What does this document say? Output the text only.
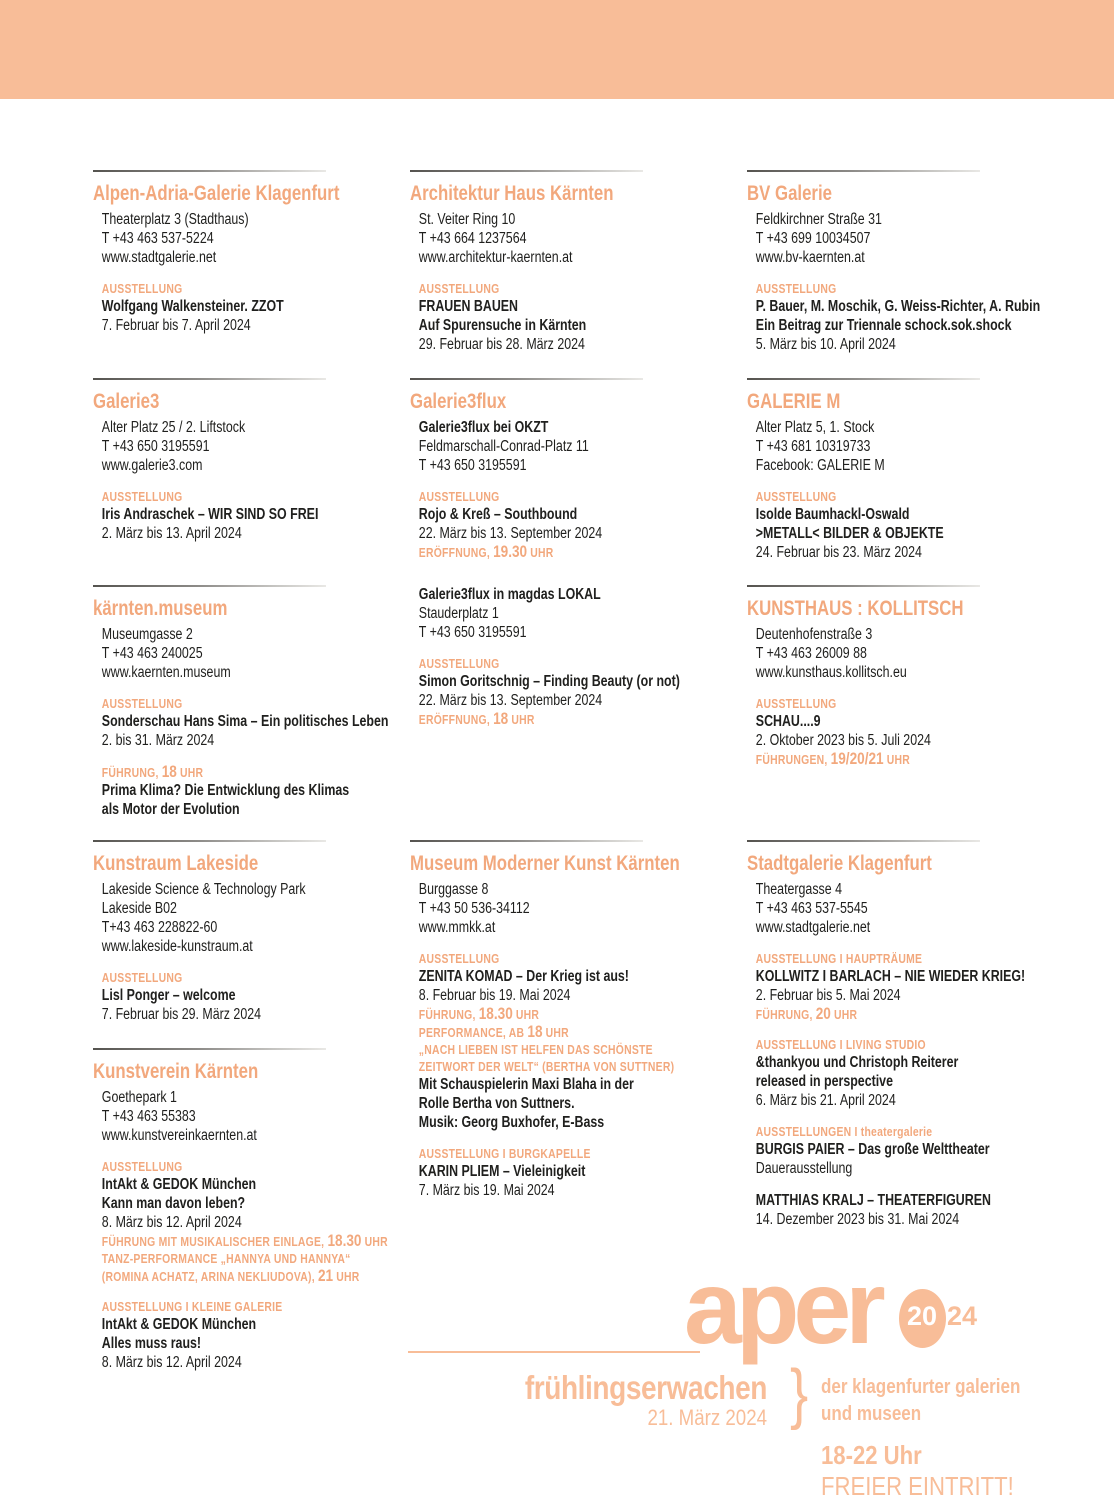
Alpen-Adria-Galerie Klagenfurt
Theaterplatz 3 (Stadthaus)
T +43 463 537-5224
www.stadtgalerie.net
AUSSTELLUNG
Wolfgang Walkensteiner. ZZOT
7. Februar bis 7. April 2024
Galerie3
Alter Platz 25 / 2. Liftstock
T +43 650 3195591
www.galerie3.com
AUSSTELLUNG
Iris Andraschek – WIR SIND SO FREI
2. März bis 13. April 2024
kärnten.museum
Museumgasse 2
T +43 463 240025
www.kaernten.museum
AUSSTELLUNG
Sonderschau Hans Sima – Ein politisches Leben
2. bis 31. März 2024
FÜHRUNG, 18 UHR
Prima Klima? Die Entwicklung des Klimas
als Motor der Evolution
Kunstraum Lakeside
Lakeside Science & Technology Park
Lakeside B02
T+43 463 228822-60
www.lakeside-kunstraum.at
AUSSTELLUNG
Lisl Ponger – welcome
7. Februar bis 29. März 2024
Kunstverein Kärnten
Goethepark 1
T +43 463 55383
www.kunstvereinkaernten.at
AUSSTELLUNG
IntAkt & GEDOK München
Kann man davon leben?
8. März bis 12. April 2024
FÜHRUNG MIT MUSIKALISCHER EINLAGE, 18.30 UHR
TANZ-PERFORMANCE „HANNYA UND HANNYA“
(ROMINA ACHATZ, ARINA NEKLIUDOVA), 21 UHR
AUSSTELLUNG I KLEINE GALERIE
IntAkt & GEDOK München
Alles muss raus!
8. März bis 12. April 2024
Architektur Haus Kärnten
St. Veiter Ring 10
T +43 664 1237564
www.architektur-kaernten.at
AUSSTELLUNG
FRAUEN BAUEN
Auf Spurensuche in Kärnten
29. Februar bis 28. März 2024
Galerie3flux
Galerie3flux bei OKZT
Feldmarschall-Conrad-Platz 11
T +43 650 3195591
AUSSTELLUNG
Rojo & Kreß – Southbound
22. März bis 13. September 2024
ERÖFFNUNG, 19.30 UHR
Galerie3flux in magdas LOKAL
Stauderplatz 1
T +43 650 3195591
AUSSTELLUNG
Simon Goritschnig – Finding Beauty (or not)
22. März bis 13. September 2024
ERÖFFNUNG, 18 UHR
Museum Moderner Kunst Kärnten
Burggasse 8
T +43 50 536-34112
www.mmkk.at
AUSSTELLUNG
ZENITA KOMAD – Der Krieg ist aus!
8. Februar bis 19. Mai 2024
FÜHRUNG, 18.30 UHR
PERFORMANCE, AB 18 UHR
„NACH LIEBEN IST HELFEN DAS SCHÖNSTE
ZEITWORT DER WELT“ (BERTHA VON SUTTNER)
Mit Schauspielerin Maxi Blaha in der
Rolle Bertha von Suttners.
Musik: Georg Buxhofer, E-Bass
AUSSTELLUNG I BURGKAPELLE
KARIN PLIEM – Vieleinigkeit
7. März bis 19. Mai 2024
BV Galerie
Feldkirchner Straße 31
T +43 699 10034507
www.bv-kaernten.at
AUSSTELLUNG
P. Bauer, M. Moschik, G. Weiss-Richter, A. Rubin
Ein Beitrag zur Triennale schock.sok.shock
5. März bis 10. April 2024
GALERIE M
Alter Platz 5, 1. Stock
T +43 681 10319733
Facebook: GALERIE M
AUSSTELLUNG
Isolde Baumhackl-Oswald
>METALL< BILDER & OBJEKTE
24. Februar bis 23. März 2024
KUNSTHAUS : KOLLITSCH
Deutenhofenstraße 3
T +43 463 26009 88
www.kunsthaus.kollitsch.eu
AUSSTELLUNG
SCHAU....9
2. Oktober 2023 bis 5. Juli 2024
FÜHRUNGEN, 19/20/21 UHR
Stadtgalerie Klagenfurt
Theatergasse 4
T +43 463 537-5545
www.stadtgalerie.net
AUSSTELLUNG I HAUPTRÄUME
KOLLWITZ I BARLACH – NIE WIEDER KRIEG!
2. Februar bis 5. Mai 2024
FÜHRUNG, 20 UHR
AUSSTELLUNG I LIVING STUDIO
&thankyou und Christoph Reiterer
released in perspective
6. März bis 21. April 2024
AUSSTELLUNGEN I theatergalerie
BURGIS PAIER – Das große Welttheater
Dauerausstellung
MATTHIAS KRALJ – THEATERFIGUREN
14. Dezember 2023 bis 31. Mai 2024
aper 20 24
frühlingserwachen
21. März 2024 } der klagenfurter galerien
und museen
18-22 Uhr
FREIER EINTRITT!
